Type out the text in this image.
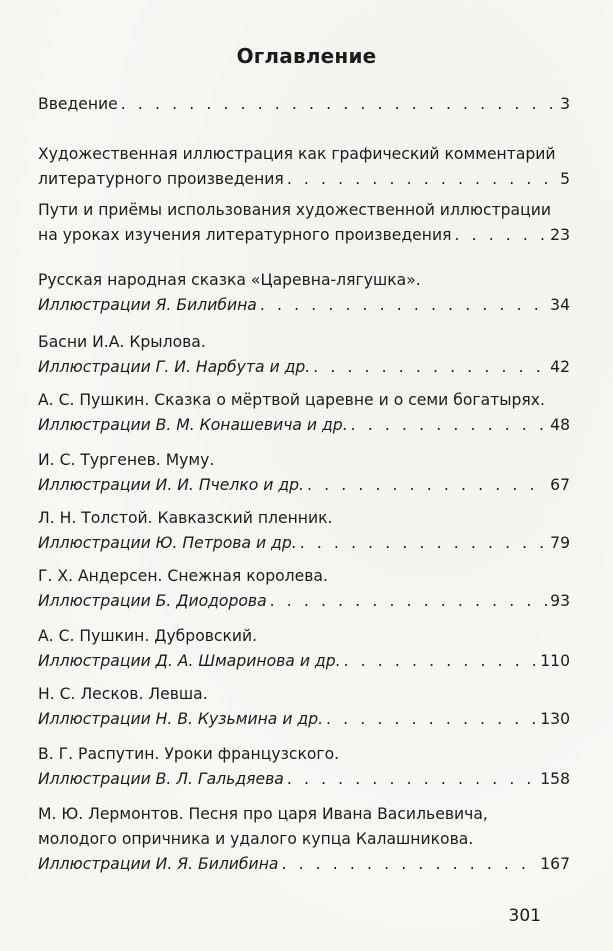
Оглавление
Введение . . .	3
Художественная иллюстрация как графический комментарий
литературного произведения . . .	5
Пути и приёмы использования художественной иллюстрации
на уроках изучения литературного произведения . . .	23
Русская народная сказка «Царевна-лягушка».
Иллюстрации Я. Билибина . . .	34
Басни И.А. Крылова.
Иллюстрации Г. И. Нарбута и др. . . .	42
А. С. Пушкин. Сказка о мёртвой царевне и о семи богатырях.
Иллюстрации В. М. Конашевича и др. . . .	48
И. С. Тургенев. Муму.
Иллюстрации И. И. Пчелко и др. . . .	67
Л. Н. Толстой. Кавказский пленник.
Иллюстрации Ю. Петрова и др. . . .	79
Г. Х. Андерсен. Снежная королева.
Иллюстрации Б. Диодорова . . .	93
А. С. Пушкин. Дубровский.
Иллюстрации Д. А. Шмаринова и др. . . .	110
Н. С. Лесков. Левша.
Иллюстрации Н. В. Кузьмина и др. . . .	130
В. Г. Распутин. Уроки французского.
Иллюстрации В. Л. Гальдяева . . .	158
М. Ю. Лермонтов. Песня про царя Ивана Васильевича,
молодого опричника и удалого купца Калашникова.
Иллюстрации И. Я. Билибина . . .	167
301
